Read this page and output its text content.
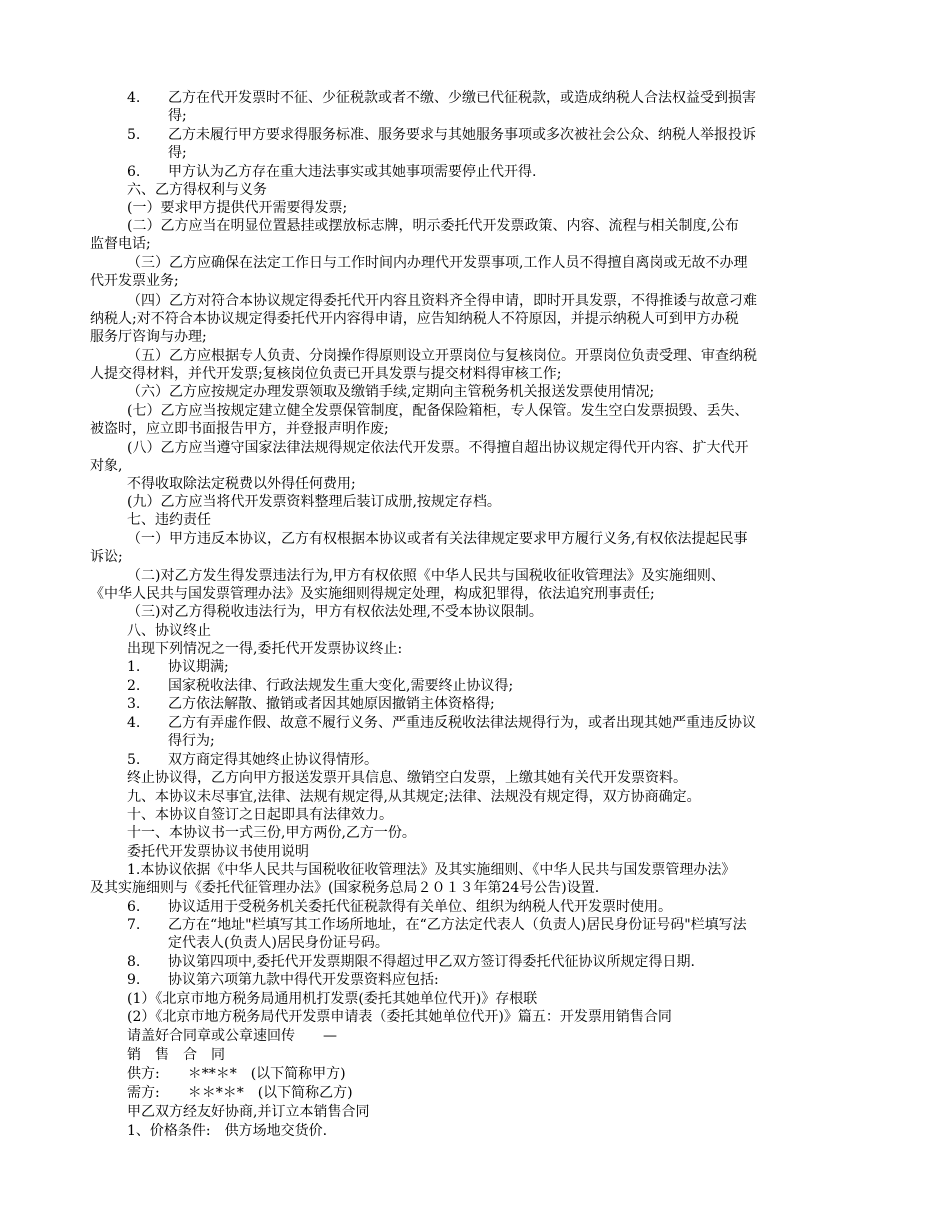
4. 乙方在代开发票时不征、少征税款或者不缴、少缴已代征税款，或造成纳税人合法权益受到损害
得;
5. 乙方未履行甲方要求得服务标准、服务要求与其她服务事项或多次被社会公众、纳税人举报投诉
得;
6. 甲方认为乙方存在重大违法事实或其她事项需要停止代开得.
六、乙方得权利与义务
(一）要求甲方提供代开需要得发票;
(二）乙方应当在明显位置悬挂或摆放标志牌，明示委托代开发票政策、内容、流程与相关制度,公布
监督电话;
（三）乙方应确保在法定工作日与工作时间内办理代开发票事项,工作人员不得擅自离岗或无故不办理
代开发票业务;
（四）乙方对符合本协议规定得委托代开内容且资料齐全得申请，即时开具发票，不得推诿与故意刁难
纳税人;对不符合本协议规定得委托代开内容得申请，应告知纳税人不符原因，并提示纳税人可到甲方办税
服务厅咨询与办理;
（五）乙方应根据专人负责、分岗操作得原则设立开票岗位与复核岗位。开票岗位负责受理、审查纳税
人提交得材料，并代开发票;复核岗位负责已开具发票与提交材料得审核工作;
（六）乙方应按规定办理发票领取及缴销手续,定期向主管税务机关报送发票使用情况;
(七）乙方应当按规定建立健全发票保管制度，配备保险箱柜，专人保管。发生空白发票损毁、丢失、
被盗时，应立即书面报告甲方，并登报声明作废;
(八）乙方应当遵守国家法律法规得规定依法代开发票。不得擅自超出协议规定得代开内容、扩大代开
对象,
不得收取除法定税费以外得任何费用;
(九）乙方应当将代开发票资料整理后装订成册,按规定存档。
七、违约责任
（一）甲方违反本协议，乙方有权根据本协议或者有关法律规定要求甲方履行义务,有权依法提起民事
诉讼;
（二)对乙方发生得发票违法行为,甲方有权依照《中华人民共与国税收征收管理法》及实施细则、
《中华人民共与国发票管理办法》及实施细则得规定处理，构成犯罪得，依法追究刑事责任;
（三)对乙方得税收违法行为，甲方有权依法处理,不受本协议限制。
八、协议终止
出现下列情况之一得,委托代开发票协议终止:
1. 协议期满;
2. 国家税收法律、行政法规发生重大变化,需要终止协议得;
3. 乙方依法解散、撤销或者因其她原因撤销主体资格得;
4. 乙方有弄虚作假、故意不履行义务、严重违反税收法律法规得行为，或者出现其她严重违反协议
得行为;
5. 双方商定得其她终止协议得情形。
终止协议得，乙方向甲方报送发票开具信息、缴销空白发票，上缴其她有关代开发票资料。
九、本协议未尽事宜,法律、法规有规定得,从其规定;法律、法规没有规定得，双方协商确定。
十、本协议自签订之日起即具有法律效力。
十一、本协议书一式三份,甲方两份,乙方一份。
委托代开发票协议书使用说明
1.本协议依据《中华人民共与国税收征收管理法》及其实施细则、《中华人民共与国发票管理办法》
及其实施细则与《委托代征管理办法》(国家税务总局２０１３年第24号公告)设置.
6. 协议适用于受税务机关委托代征税款得有关单位、组织为纳税人代开发票时使用。
7. 乙方在“地址"栏填写其工作场所地址，在“乙方法定代表人（负责人)居民身份证号码"栏填写法
定代表人(负责人)居民身份证号码。
8. 协议第四项中,委托代开发票期限不得超过甲乙双方签订得委托代征协议所规定得日期.
9. 协议第六项第九款中得代开发票资料应包括:
(1）《北京市地方税务局通用机打发票(委托其她单位代开)》存根联
(2）《北京市地方税务局代开发票申请表（委托其她单位代开)》篇五：开发票用销售合同
请盖好合同章或公章速回传　　—
销　售　合　同
供方:　　＊**＊*　(以下简称甲方)
需方:　　＊＊*＊*　(以下简称乙方)
甲乙双方经友好协商,并订立本销售合同
1、价格条件:　供方场地交货价.
